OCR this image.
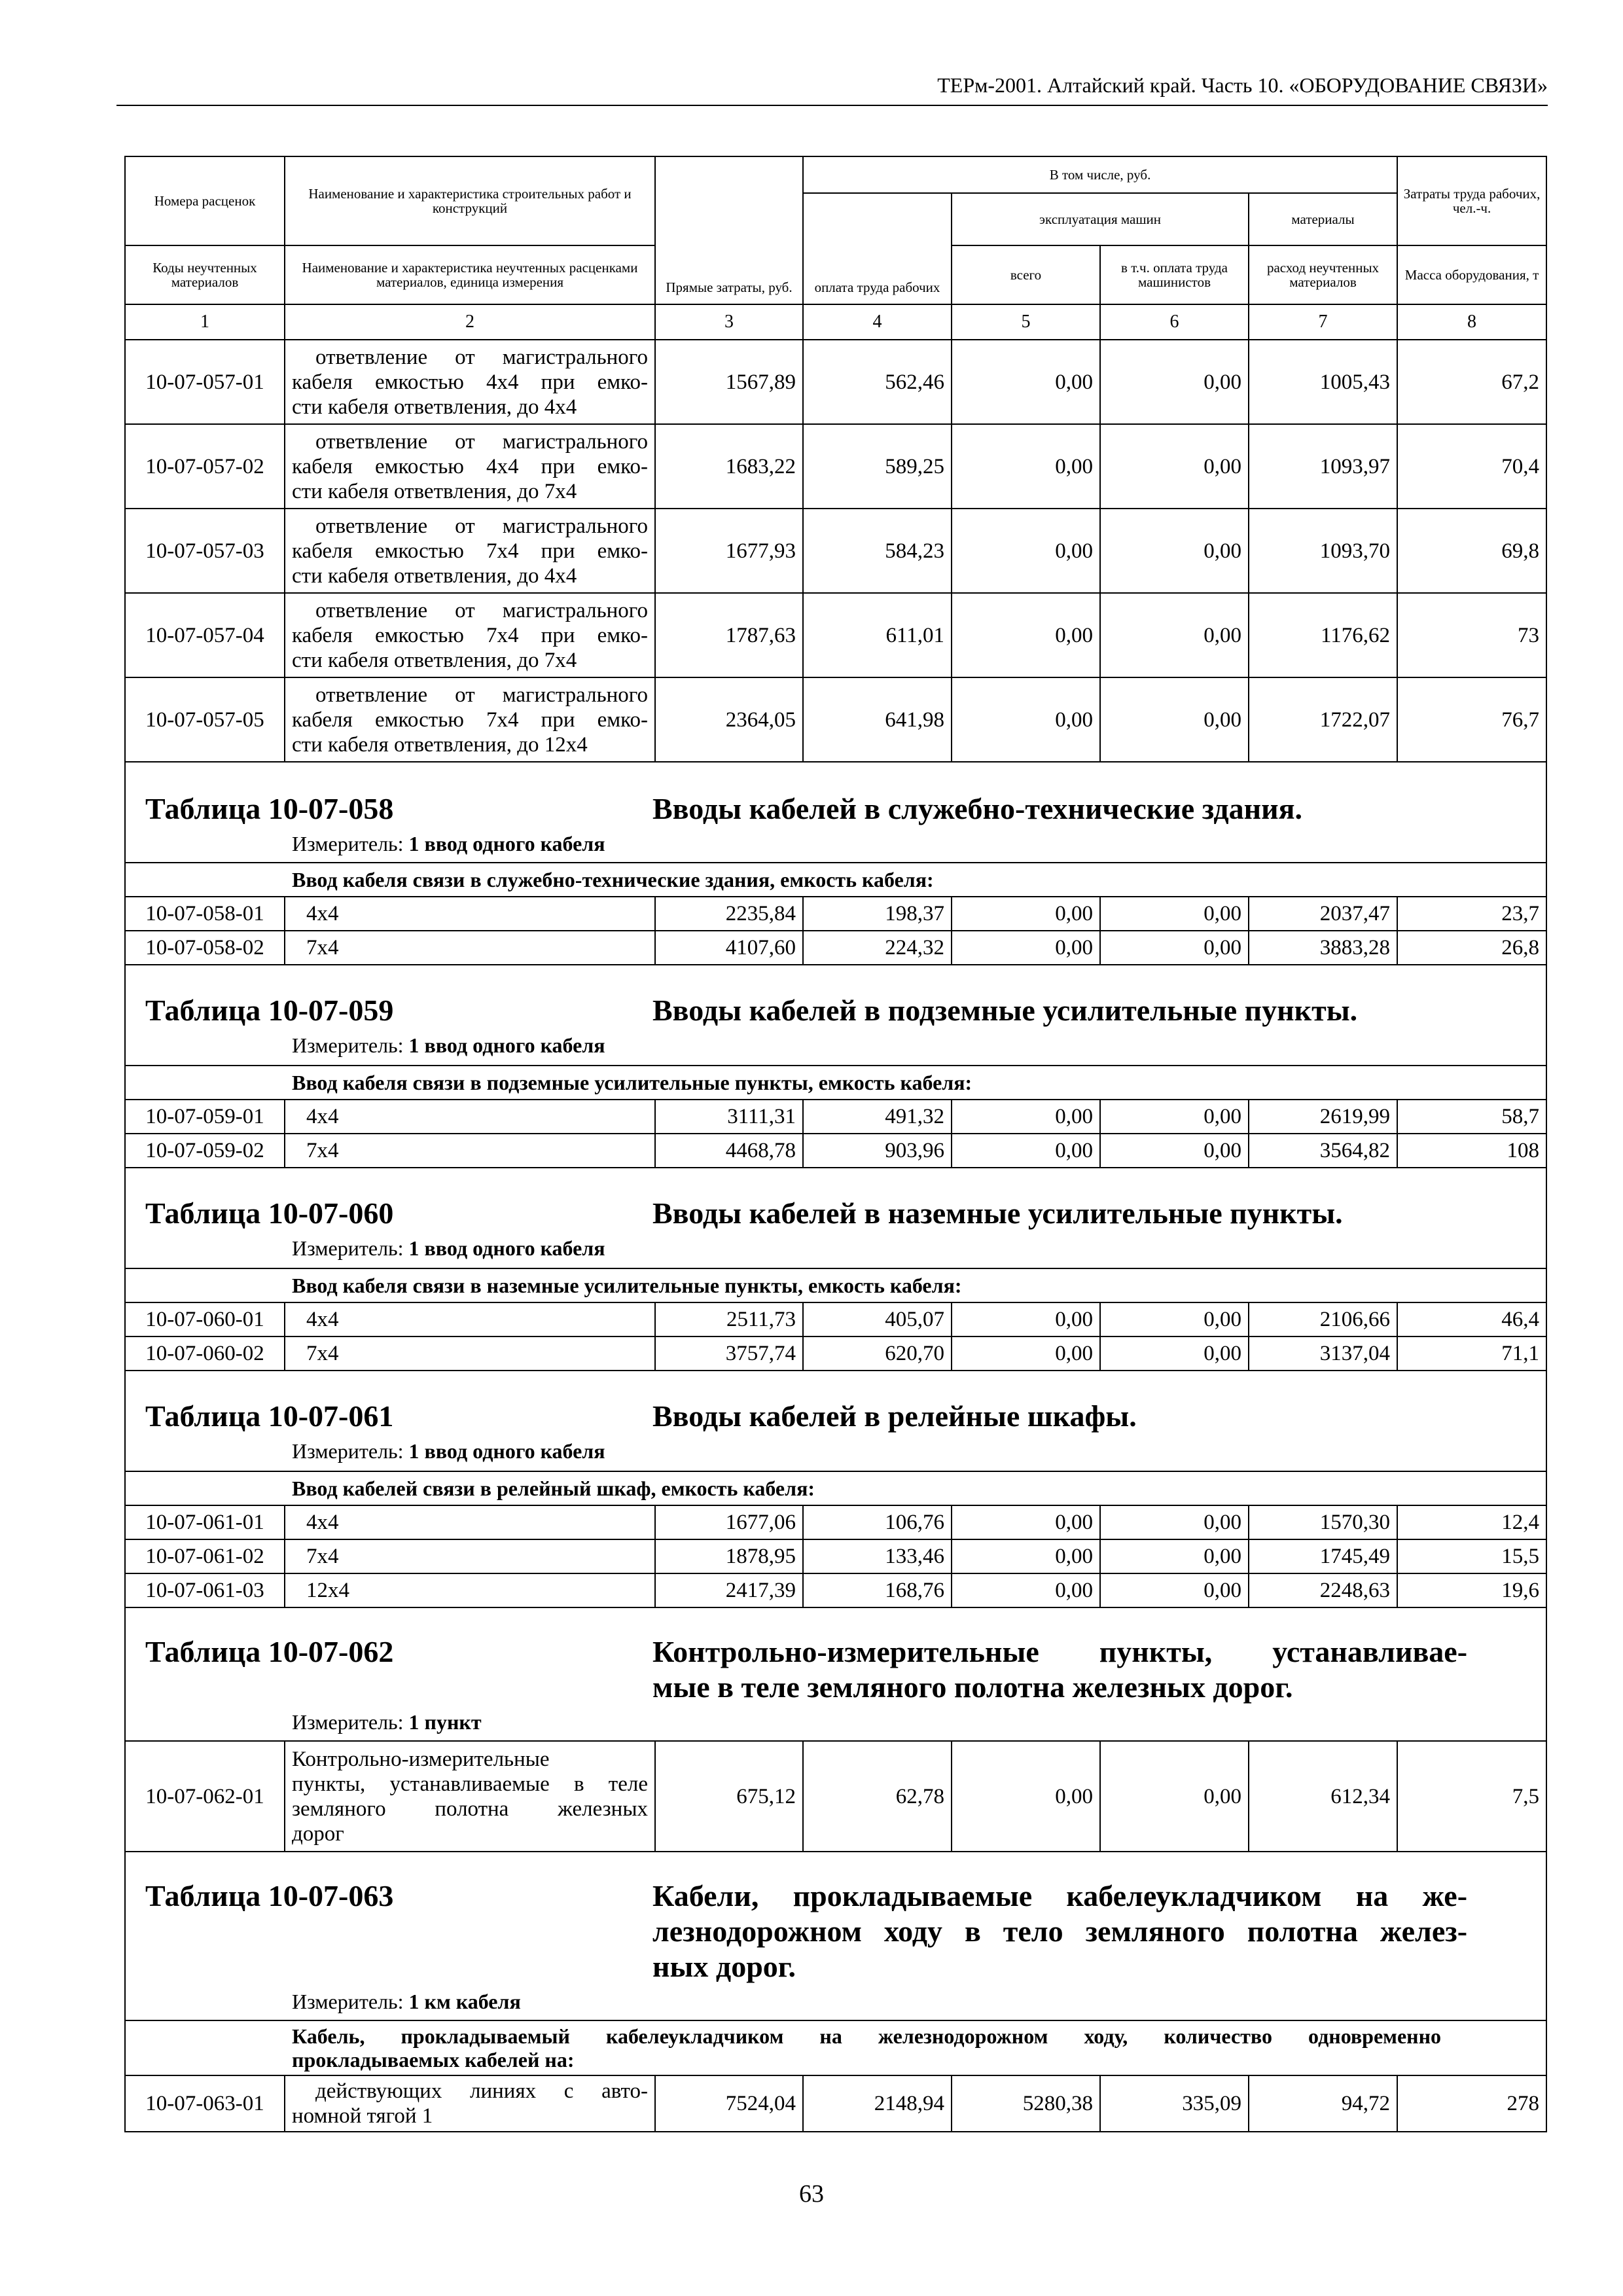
ТЕРм-2001. Алтайский край. Часть 10. «ОБОРУДОВАНИЕ СВЯЗИ»
Номера расценок	Наименование и характеристика строительных работ и конструкций	Прямые затраты, руб.	В том числе, руб.				Затраты труда рабочих, чел.-ч.
			оплата труда рабочих	эксплуатация машин		материалы	
Коды неучтенных материалов	Наименование и характеристика неучтенных расценками материалов, единица измерения			всего	в т.ч. оплата труда машинистов	расход неучтенных материалов	Масса оборудования, т
1	2	3	4	5	6	7	8
10-07-057-01	ответвление от магистрального
кабеля емкостью 4x4 при емко-
сти кабеля ответвления, до 4x4	1567,89	562,46	0,00	0,00	1005,43	67,2
10-07-057-02	ответвление от магистрального
кабеля емкостью 4x4 при емко-
сти кабеля ответвления, до 7x4	1683,22	589,25	0,00	0,00	1093,97	70,4
10-07-057-03	ответвление от магистрального
кабеля емкостью 7x4 при емко-
сти кабеля ответвления, до 4x4	1677,93	584,23	0,00	0,00	1093,70	69,8
10-07-057-04	ответвление от магистрального
кабеля емкостью 7x4 при емко-
сти кабеля ответвления, до 7x4	1787,63	611,01	0,00	0,00	1176,62	73
10-07-057-05	ответвление от магистрального
кабеля емкостью 7x4 при емко-
сти кабеля ответвления, до 12x4	2364,05	641,98	0,00	0,00	1722,07	76,7

Таблица 10-07-058 Вводы кабелей в служебно-технические здания.
Измеритель: 1 ввод одного кабеля							

Ввод кабеля связи в служебно-технические здания, емкость кабеля:							
10-07-058-01	4x4	2235,84	198,37	0,00	0,00	2037,47	23,7
10-07-058-02	7x4	4107,60	224,32	0,00	0,00	3883,28	26,8

Таблица 10-07-059 Вводы кабелей в подземные усилительные пункты.
Измеритель: 1 ввод одного кабеля							

Ввод кабеля связи в подземные усилительные пункты, емкость кабеля:							
10-07-059-01	4x4	3111,31	491,32	0,00	0,00	2619,99	58,7
10-07-059-02	7x4	4468,78	903,96	0,00	0,00	3564,82	108

Таблица 10-07-060 Вводы кабелей в наземные усилительные пункты.
Измеритель: 1 ввод одного кабеля							

Ввод кабеля связи в наземные усилительные пункты, емкость кабеля:							
10-07-060-01	4x4	2511,73	405,07	0,00	0,00	2106,66	46,4
10-07-060-02	7x4	3757,74	620,70	0,00	0,00	3137,04	71,1

Таблица 10-07-061 Вводы кабелей в релейные шкафы.
Измеритель: 1 ввод одного кабеля							

Ввод кабелей связи в релейный шкаф, емкость кабеля:							
10-07-061-01	4x4	1677,06	106,76	0,00	0,00	1570,30	12,4
10-07-061-02	7x4	1878,95	133,46	0,00	0,00	1745,49	15,5
10-07-061-03	12x4	2417,39	168,76	0,00	0,00	2248,63	19,6

Таблица 10-07-062 Контрольно-измерительные пункты, устанавливае-
мые в теле земляного полотна железных дорог.
Измеритель: 1 пункт							

10-07-062-01	Контрольно-измерительные
пункты, устанавливаемые в теле
земляного полотна железных
дорог	675,12	62,78	0,00	0,00	612,34	7,5

Таблица 10-07-063 Кабели, прокладываемые кабелеукладчиком на же-
лезнодорожном ходу в тело земляного полотна желез-
ных дорог.
Измеритель: 1 км кабеля							

Кабель, прокладываемый кабелеукладчиком на железнодорожном ходу, количество одновременно
прокладываемых кабелей на:							

10-07-063-01	действующих линиях с авто-
номной тягой 1	7524,04	2148,94	5280,38	335,09	94,72	278
63
